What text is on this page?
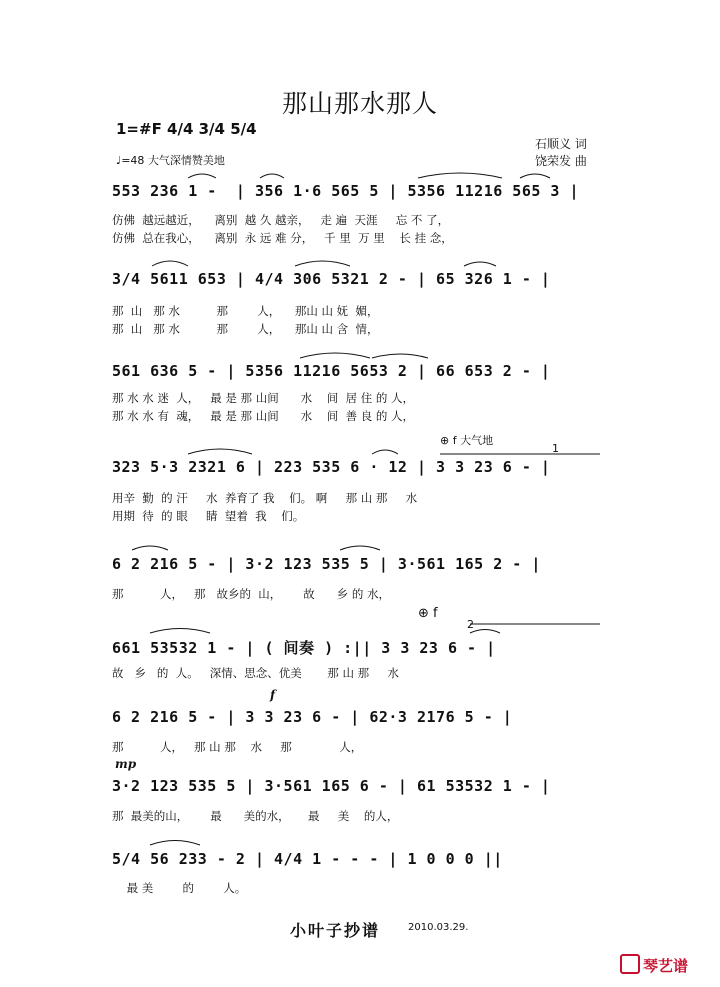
那山那水那人
1=#F 4/4 3/4 5/4
♩=48 大气深情赞美地
石顺义 词
饶荣发 曲
553 236 1 -  | 356 1·6 565 5 | 5356 11216 565 3 |
仿佛  越远越近，    离别  越 久 越亲，   走 遍  天涯     忘 不 了，
仿佛  总在我心，    离别  永 远 难 分，   千 里  万 里    长 挂 念，
3/4 5611 653 | 4/4 306 5321 2 - | 65 326 1 - |
那  山   那 水          那        人，    那山 山 妩  媚，
那  山   那 水          那        人，    那山 山 含  情，
561 636 5 - | 5356 11216 5653 2 | 66 653 2 - |
那 水 水 迷  人，   最 是 那 山间      水    间  居 住 的 人，
那 水 水 有  魂，   最 是 那 山间      水    间  善 良 的 人，
⊕ f 大气地
1
323 5·3 2321 6 | 223 535 6 · 12 | 3 3 23 6 - |
用辛  勤  的 汗     水  养育了 我    们。 啊     那 山 那     水
用期  待  的 眼     睛  望着  我    们。
6 2 216 5 - | 3·2 123 535 5 | 3·561 165 2 - |
那          人，   那   故乡的  山，      故      乡 的 水，
⊕ f
2
661 53532 1 - | ( 间奏 ) :|| 3 3 23 6 - |
故   乡   的  人。   深情、思念、优美       那 山 那     水
f
6 2 216 5 - | 3 3 23 6 - | 62·3 2176 5 - |
那          人，   那 山 那    水     那             人，
mp
3·2 123 535 5 | 3·561 165 6 - | 61 53532 1 - |
那  最美的山，      最      美的水，     最     美    的人，
5/4 56 233 - 2 | 4/4 1 - - - | 1 0 0 0 ||
最 美        的        人。
小叶子抄谱	2010.03.29.
琴艺谱
